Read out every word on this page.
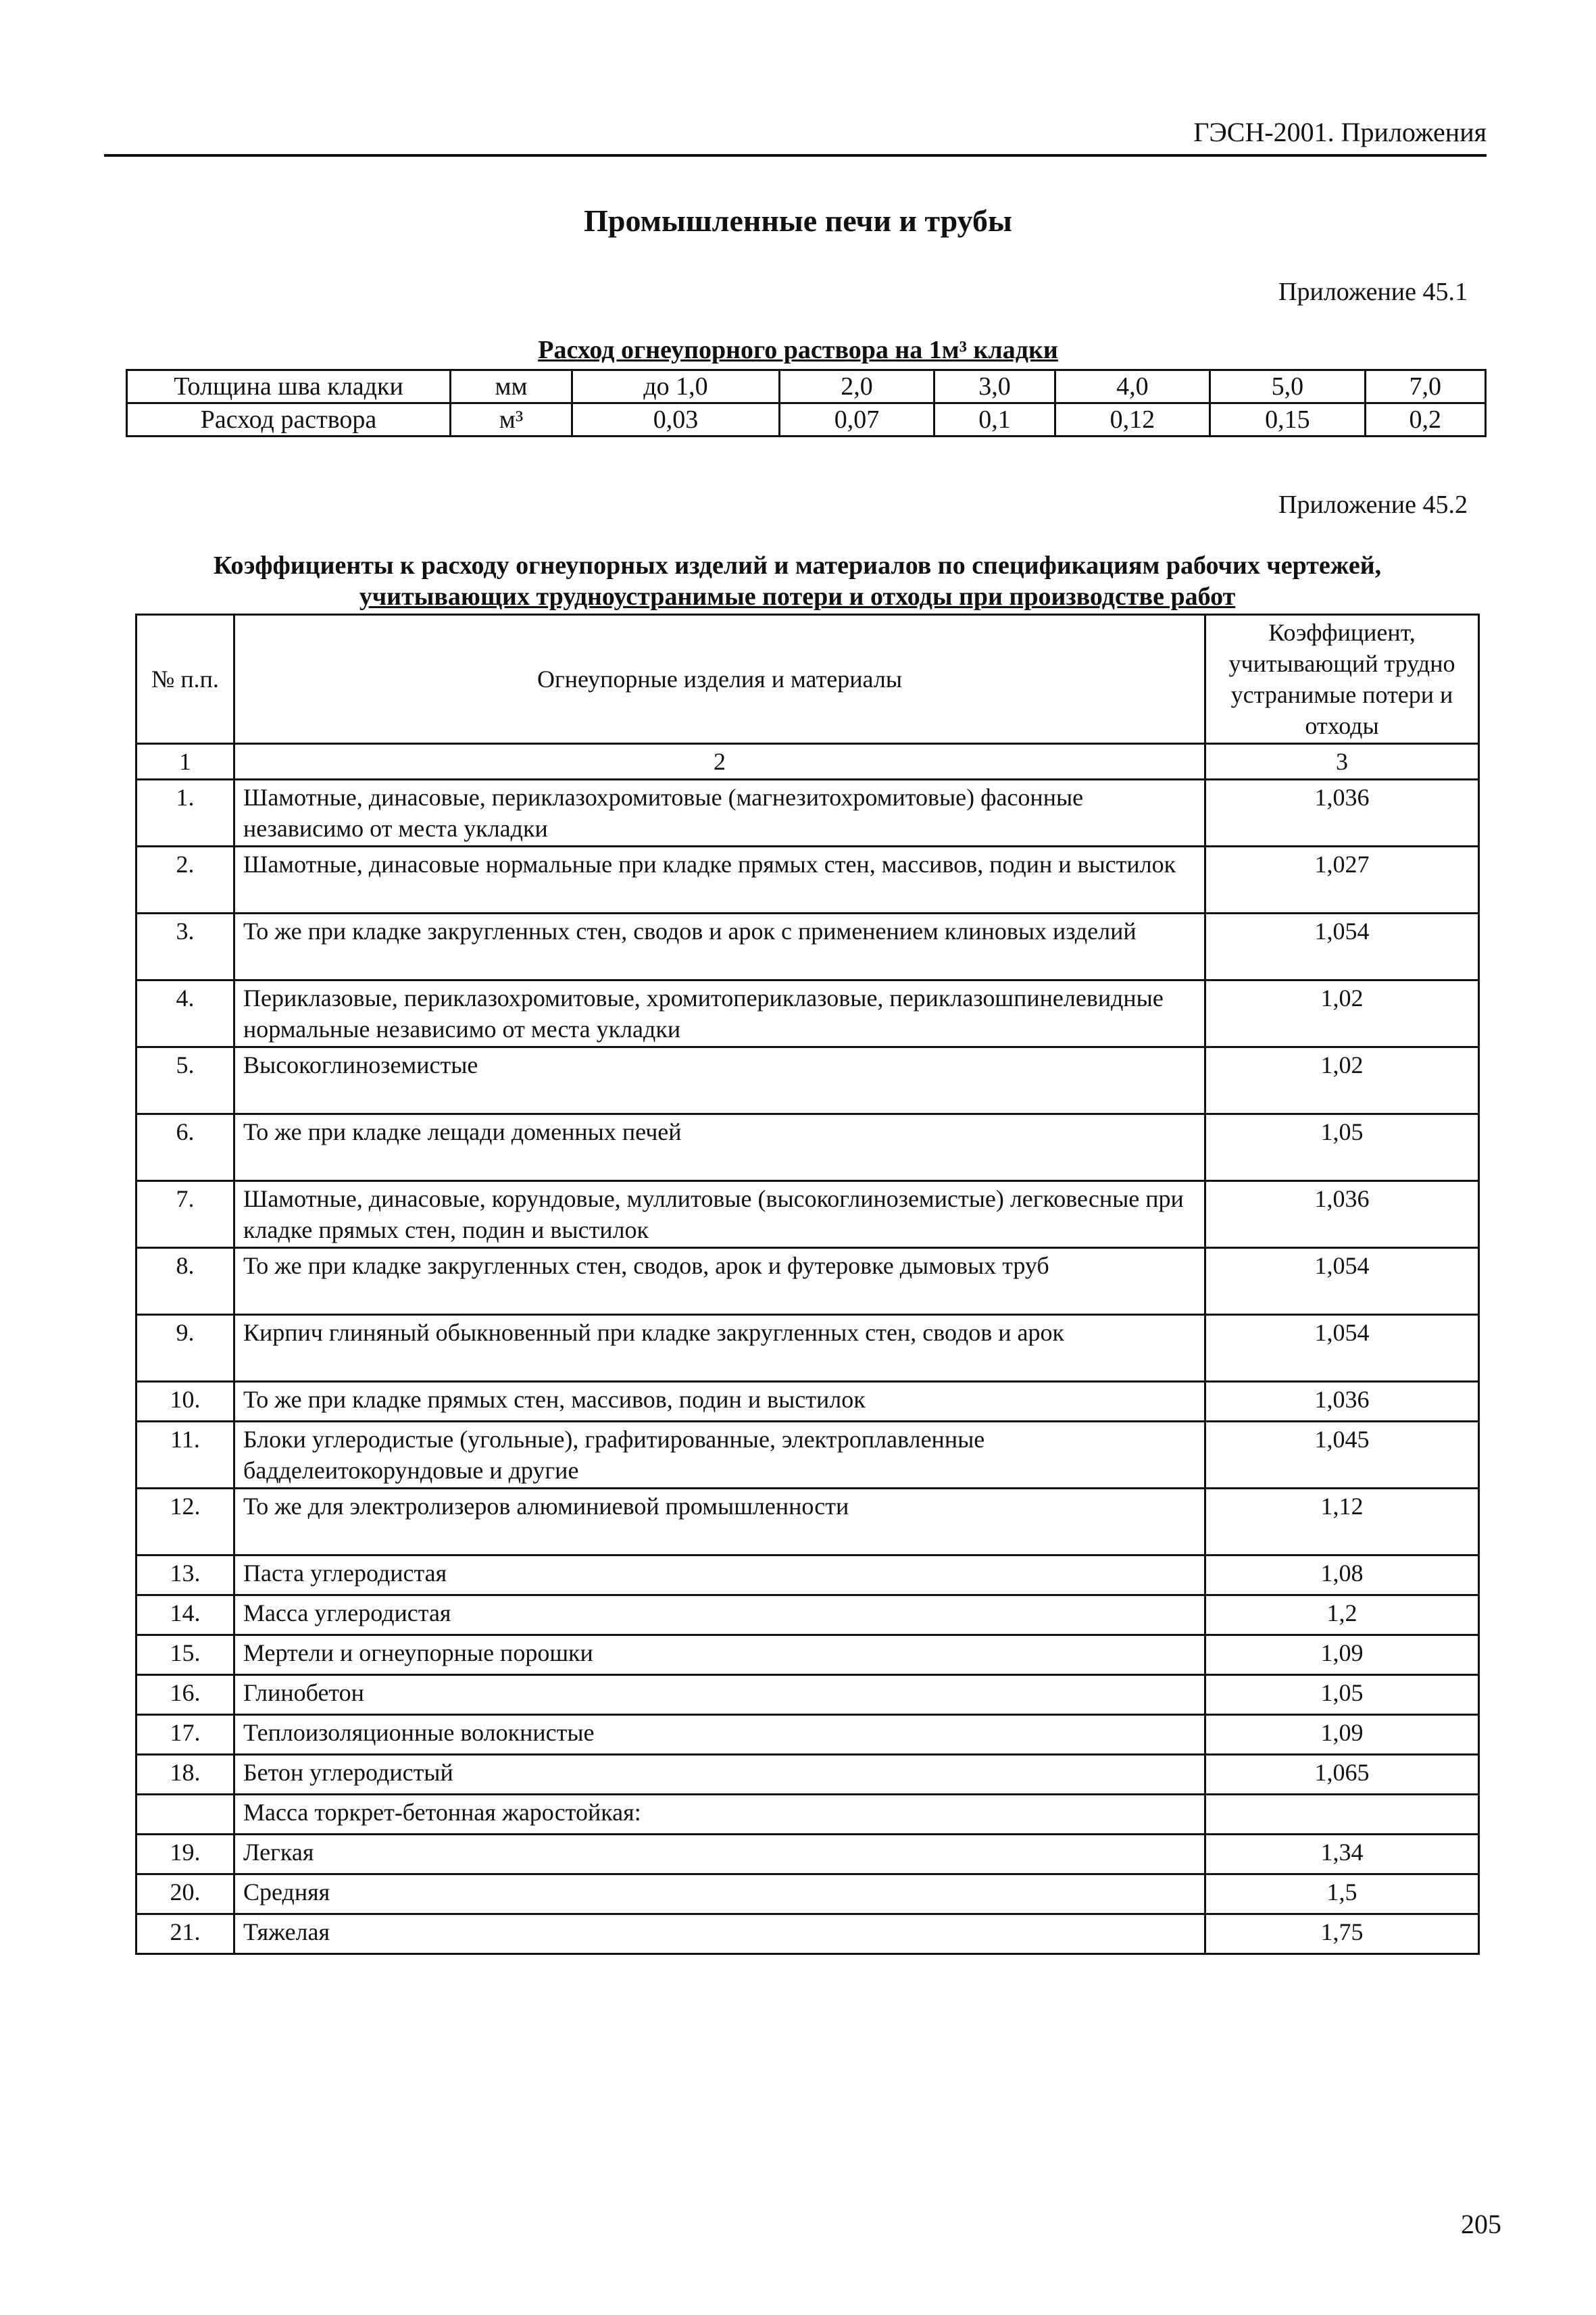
ГЭСН-2001. Приложения
Промышленные печи и трубы
Приложение 45.1
Расход огнеупорного раствора на 1м³ кладки
Толщина шва кладки	мм	до 1,0	2,0	3,0	4,0	5,0	7,0
Расход раствора	м³	0,03	0,07	0,1	0,12	0,15	0,2
Приложение 45.2
Коэффициенты к расходу огнеупорных изделий и материалов по спецификациям рабочих чертежей,
учитывающих трудноустранимые потери и отходы при производстве работ
№ п.п.	Огнеупорные изделия и материалы	Коэффициент, учитывающий трудно устранимые потери и отходы
1	2	3
1.	Шамотные, динасовые, периклазохромитовые (магнезитохромитовые) фасонные независимо от места укладки	1,036
2.	Шамотные, динасовые нормальные при кладке прямых стен, массивов, подин и выстилок	1,027
3.	То же при кладке закругленных стен, сводов и арок с применением клиновых изделий	1,054
4.	Периклазовые, периклазохромитовые, хромитопериклазовые, периклазошпинелевидные нормальные независимо от места укладки	1,02
5.	Высокоглиноземистые	1,02
6.	То же при кладке лещади доменных печей	1,05
7.	Шамотные, динасовые, корундовые, муллитовые (высокоглиноземистые) легковесные при кладке прямых стен, подин и выстилок	1,036
8.	То же при кладке закругленных стен, сводов, арок и футеровке дымовых труб	1,054
9.	Кирпич глиняный обыкновенный при кладке закругленных стен, сводов и арок	1,054
10.	То же при кладке прямых стен, массивов, подин и выстилок	1,036
11.	Блоки углеродистые (угольные), графитированные, электроплавленные бадделеитокорундовые и другие	1,045
12.	То же для электролизеров алюминиевой промышленности	1,12
13.	Паста углеродистая	1,08
14.	Масса углеродистая	1,2
15.	Мертели и огнеупорные порошки	1,09
16.	Глинобетон	1,05
17.	Теплоизоляционные волокнистые	1,09
18.	Бетон углеродистый	1,065
	Масса торкрет-бетонная жаростойкая:	
19.	Легкая	1,34
20.	Средняя	1,5
21.	Тяжелая	1,75
205
